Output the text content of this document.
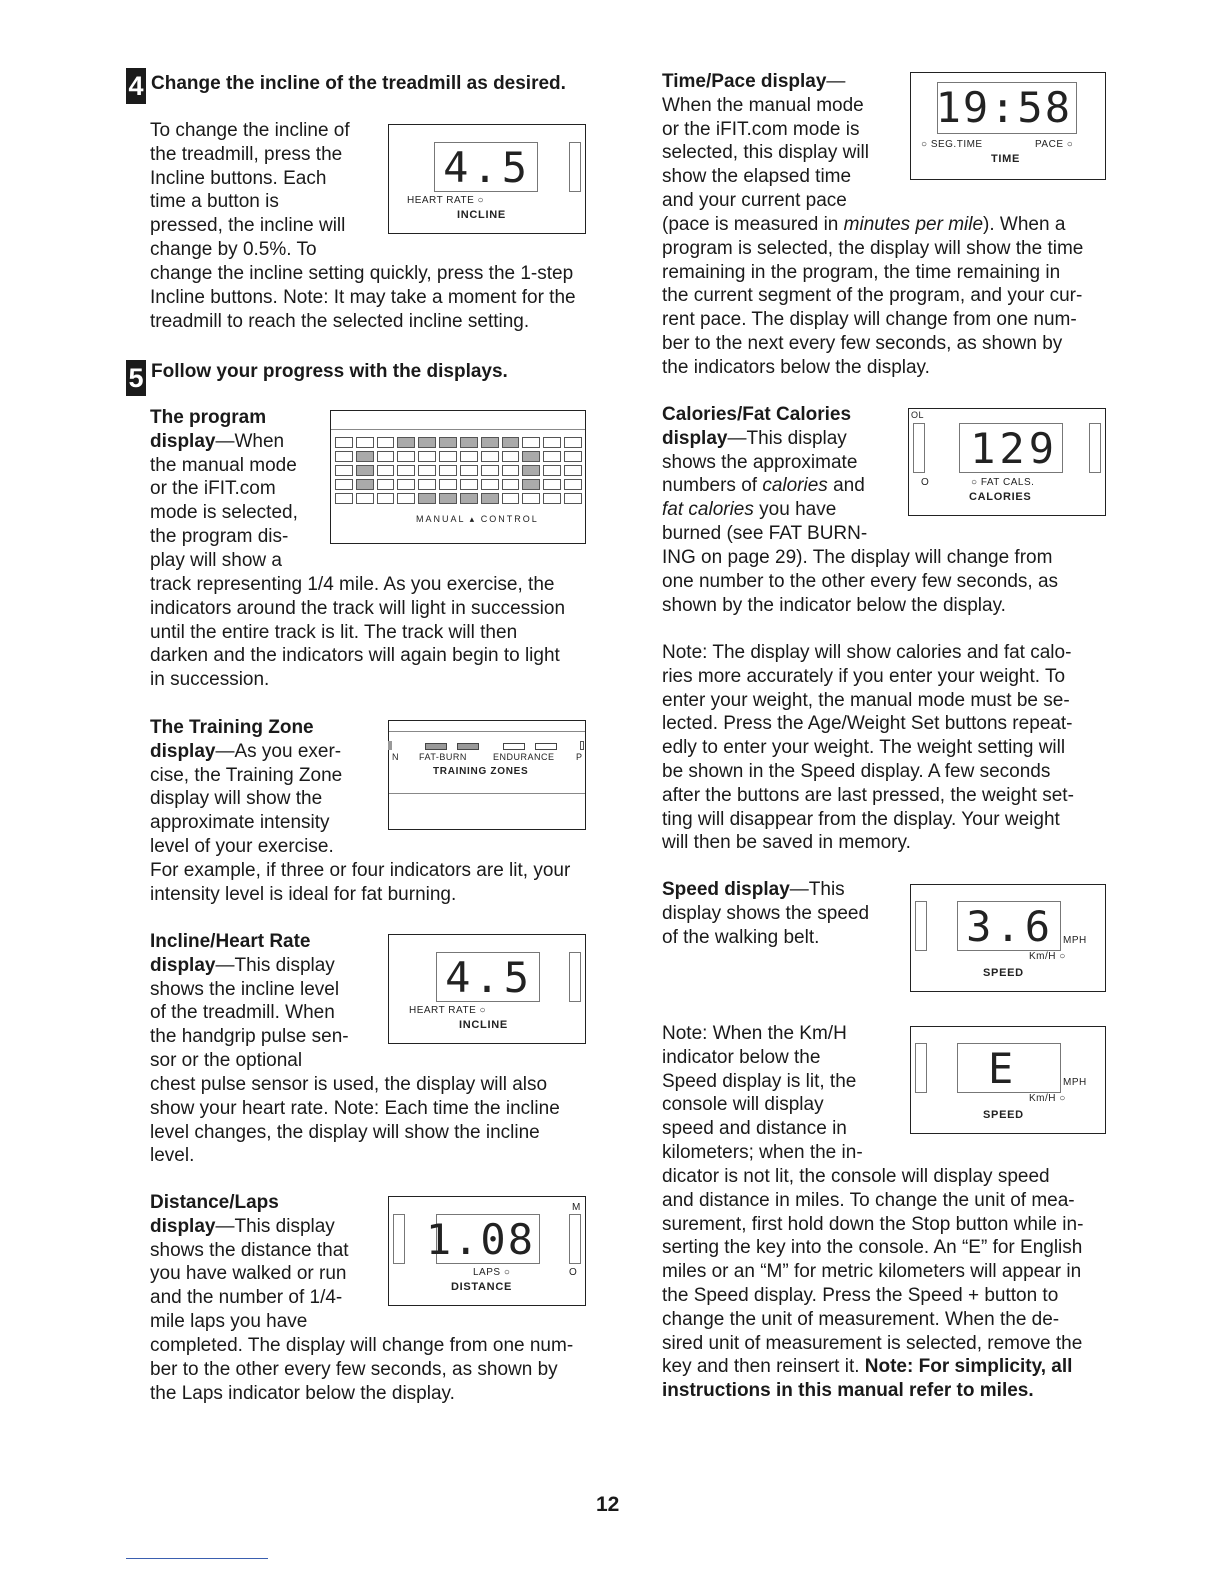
4 Change the incline of the treadmill as desired.
To change the incline of
the treadmill, press the
Incline buttons. Each
time a button is
pressed, the incline will
change by 0.5%. To
change the incline setting quickly, press the 1-step
Incline buttons. Note: It may take a moment for the
treadmill to reach the selected incline setting.
4.5
HEART RATE ○
INCLINE
5 Follow your progress with the displays.
The program
display—When
the manual mode
or the iFIT.com
mode is selected,
the program dis-
play will show a
track representing 1/4 mile. As you exercise, the
indicators around the track will light in succession
until the entire track is lit. The track will then
darken and the indicators will again begin to light
in succession.
MANUAL ▴ CONTROL
The Training Zone
display—As you exer-
cise, the Training Zone
display will show the
approximate intensity
level of your exercise.
For example, if three or four indicators are lit, your
intensity level is ideal for fat burning.
N	P
FAT-BURN	ENDURANCE
TRAINING ZONES
Incline/Heart Rate
display—This display
shows the incline level
of the treadmill. When
the handgrip pulse sen-
sor or the optional
chest pulse sensor is used, the display will also
show your heart rate. Note: Each time the incline
level changes, the display will show the incline
level.
4.5
HEART RATE ○
INCLINE
Distance/Laps
display—This display
shows the distance that
you have walked or run
and the number of 1/4-
mile laps you have
completed. The display will change from one num-
ber to the other every few seconds, as shown by
the Laps indicator below the display.
1.08
M
O
LAPS ○
DISTANCE
Time/Pace display—
When the manual mode
or the iFIT.com mode is
selected, this display will
show the elapsed time
and your current pace
(pace is measured in minutes per mile). When a
program is selected, the display will show the time
remaining in the program, the time remaining in
the current segment of the program, and your cur-
rent pace. The display will change from one num-
ber to the next every few seconds, as shown by
the indicators below the display.
19:58
○ SEG.TIME	PACE ○
TIME
Calories/Fat Calories
display—This display
shows the approximate
numbers of calories and
fat calories you have
burned (see FAT BURN-
ING on page 29). The display will change from
one number to the other every few seconds, as
shown by the indicator below the display.
Note: The display will show calories and fat calo-
ries more accurately if you enter your weight. To
enter your weight, the manual mode must be se-
lected. Press the Age/Weight Set buttons repeat-
edly to enter your weight. The weight setting will
be shown in the Speed display. A few seconds
after the buttons are last pressed, the weight set-
ting will disappear from the display. Your weight
will then be saved in memory.
OL
129
O	○ FAT CALS.
CALORIES
Speed display—This
display shows the speed
of the walking belt.	3.6 MPH
Km/H ○
SPEED
Note: When the Km/H
indicator below the
Speed display is lit, the
console will display
speed and distance in
kilometers; when the in-
dicator is not lit, the console will display speed
and distance in miles. To change the unit of mea-
surement, first hold down the Stop button while in-
serting the key into the console. An “E” for English
miles or an “M” for metric kilometers will appear in
the Speed display. Press the Speed + button to
change the unit of measurement. When the de-
sired unit of measurement is selected, remove the
key and then reinsert it. Note: For simplicity, all
instructions in this manual refer to miles.
E	MPH
Km/H ○
SPEED
12
